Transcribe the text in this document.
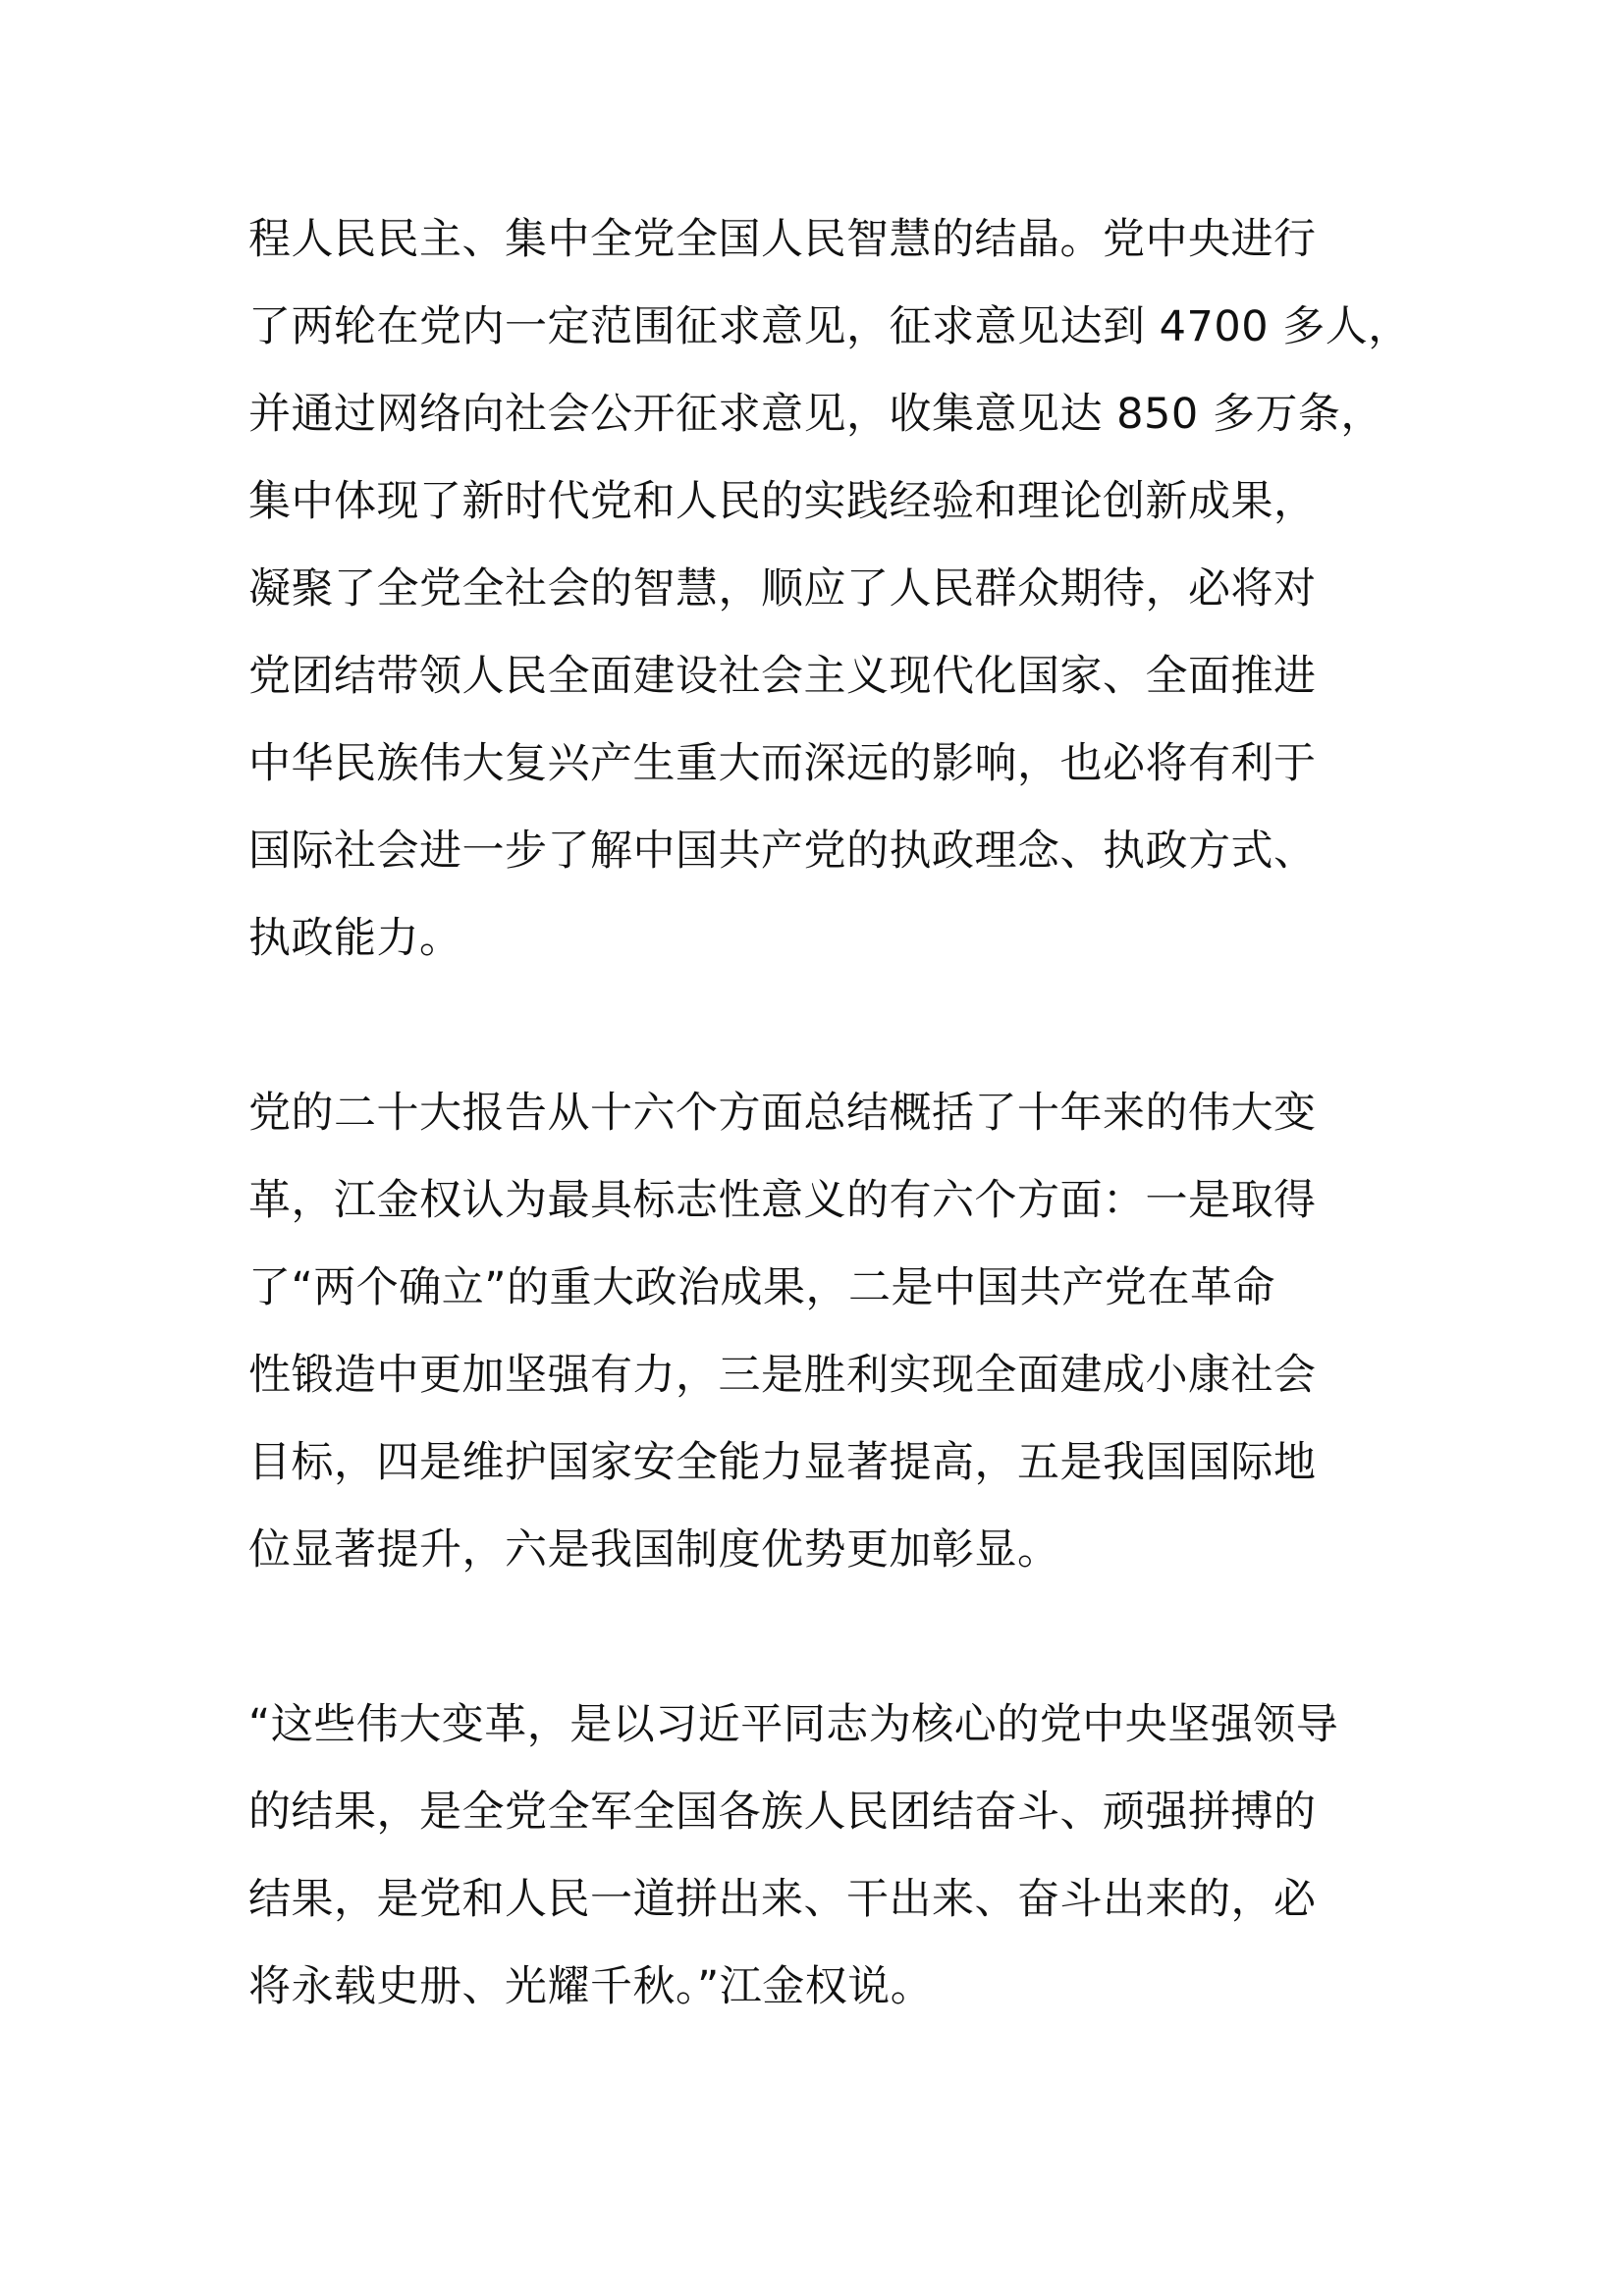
程人民民主、集中全党全国人民智慧的结晶。党中央进行
了两轮在党内一定范围征求意见，征求意见达到 4700 多人，
并通过网络向社会公开征求意见，收集意见达 850 多万条，
集中体现了新时代党和人民的实践经验和理论创新成果，
凝聚了全党全社会的智慧，顺应了人民群众期待，必将对
党团结带领人民全面建设社会主义现代化国家、全面推进
中华民族伟大复兴产生重大而深远的影响，也必将有利于
国际社会进一步了解中国共产党的执政理念、执政方式、
执政能力。
党的二十大报告从十六个方面总结概括了十年来的伟大变
革，江金权认为最具标志性意义的有六个方面：一是取得
了“两个确立”的重大政治成果，二是中国共产党在革命
性锻造中更加坚强有力，三是胜利实现全面建成小康社会
目标，四是维护国家安全能力显著提高，五是我国国际地
位显著提升，六是我国制度优势更加彰显。
“这些伟大变革，是以习近平同志为核心的党中央坚强领导
的结果，是全党全军全国各族人民团结奋斗、顽强拼搏的
结果，是党和人民一道拼出来、干出来、奋斗出来的，必
将永载史册、光耀千秋。”江金权说。
